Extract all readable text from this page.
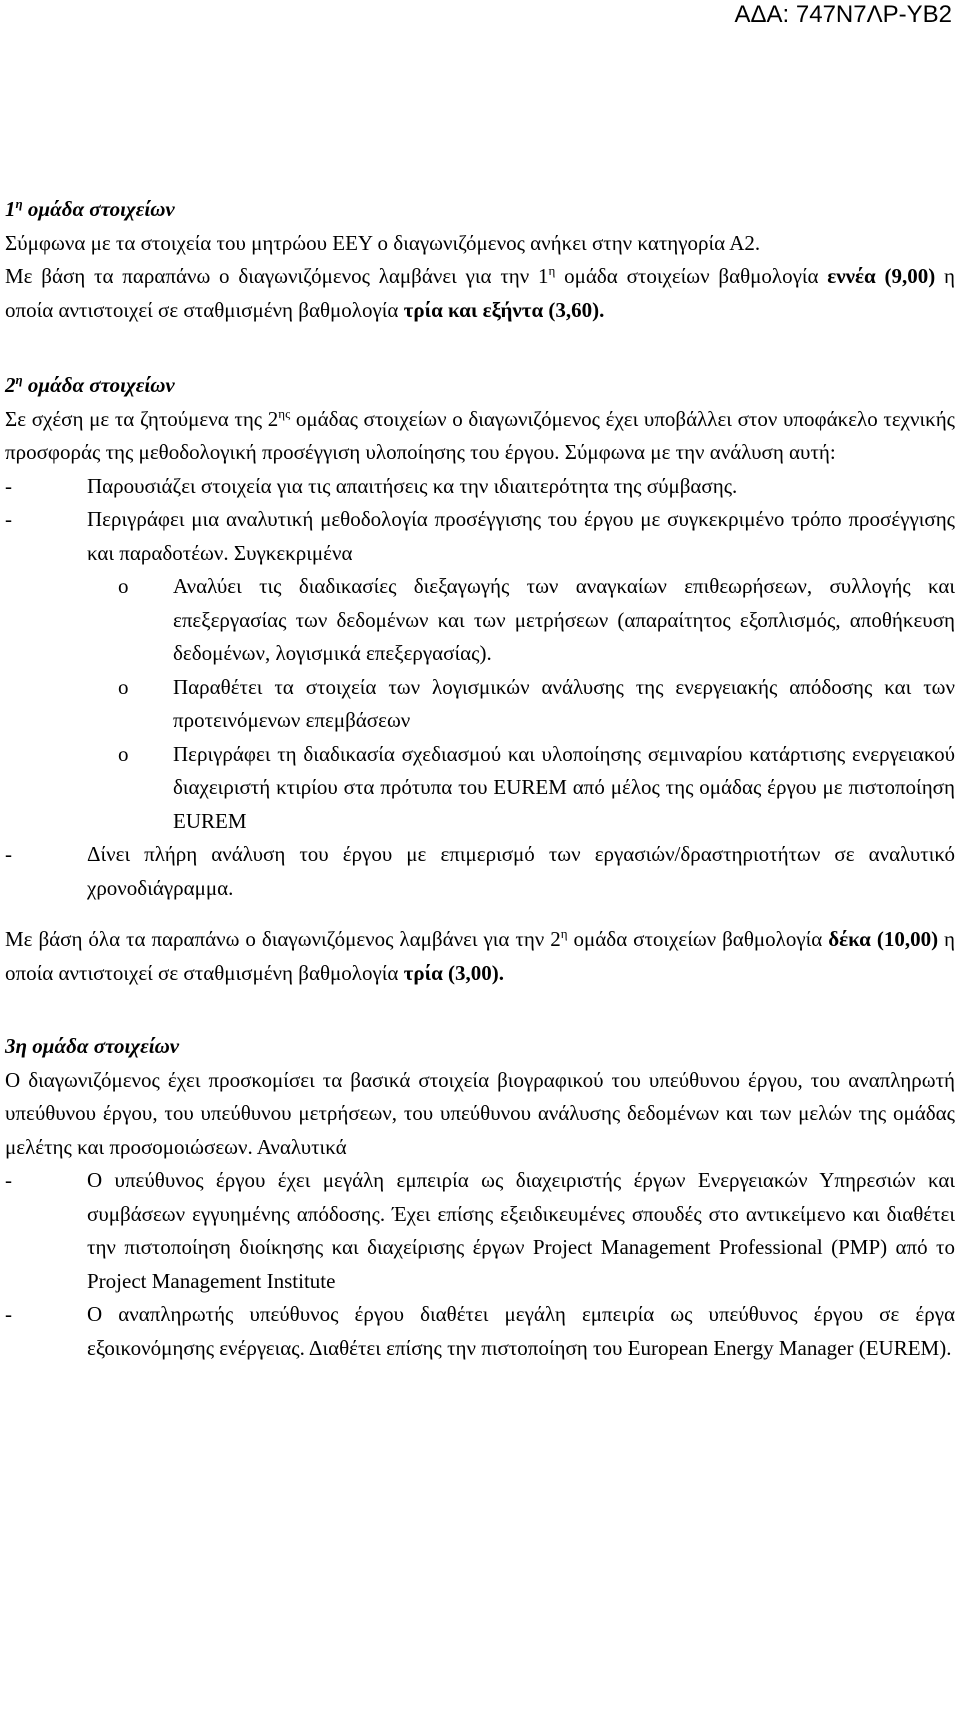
ΑΔΑ: 747Ν7ΛΡ-ΥΒ2

$1^\eta$ ομάδα στοιχείων

Σύμφωνα με τα στοιχεία του μητρώου ΕΕΥ ο διαγωνιζόμενος ανήκει στην κατηγορία Α2.

Με βάση τα παραπάνω ο διαγωνιζόμενος λαμβάνει για την $1^\eta$ ομάδα στοιχείων βαθμολογία εννέα (9,00) η οποία αντιστοιχεί σε σταθμισμένη βαθμολογία τρία και εξήντα (3,60).

$2^\eta$ ομάδα στοιχείων

Σε σχέση με τα ζητούμενα της $2^{\eta\varsigma}$ ομάδας στοιχείων ο διαγωνιζόμενος έχει υποβάλλει στον υποφάκελο τεχνικής προσφοράς της μεθοδολογική προσέγγιση υλοποίησης του έργου. Σύμφωνα με την ανάλυση αυτή:

-	Παρουσιάζει στοιχεία για τις απαιτήσεις κα την ιδιαιτερότητα της σύμβασης.
-	Περιγράφει μια αναλυτική μεθοδολογία προσέγγισης του έργου με συγκεκριμένο τρόπο προσέγγισης και παραδοτέων. Συγκεκριμένα
o	Αναλύει τις διαδικασίες διεξαγωγής των αναγκαίων επιθεωρήσεων, συλλογής και επεξεργασίας των δεδομένων και των μετρήσεων (απαραίτητος εξοπλισμός, αποθήκευση δεδομένων, λογισμικά επεξεργασίας).
o	Παραθέτει τα στοιχεία των λογισμικών ανάλυσης της ενεργειακής απόδοσης και των προτεινόμενων επεμβάσεων
o	Περιγράφει τη διαδικασία σχεδιασμού και υλοποίησης σεμιναρίου κατάρτισης ενεργειακού διαχειριστή κτιρίου στα πρότυπα του EUREM από μέλος της ομάδας έργου με πιστοποίηση EUREM
-	Δίνει πλήρη ανάλυση του έργου με επιμερισμό των εργασιών/δραστηριοτήτων σε αναλυτικό χρονοδιάγραμμα.

Με βάση όλα τα παραπάνω ο διαγωνιζόμενος λαμβάνει για την $2^\eta$ ομάδα στοιχείων βαθμολογία δέκα (10,00) η οποία αντιστοιχεί σε σταθμισμένη βαθμολογία τρία (3,00).

3η ομάδα στοιχείων

Ο διαγωνιζόμενος έχει προσκομίσει τα βασικά στοιχεία βιογραφικού του υπεύθυνου έργου, του αναπληρωτή υπεύθυνου έργου, του υπεύθυνου μετρήσεων, του υπεύθυνου ανάλυσης δεδομένων και των μελών της ομάδας μελέτης και προσομοιώσεων. Αναλυτικά

-	Ο υπεύθυνος έργου έχει μεγάλη εμπειρία ως διαχειριστής έργων Ενεργειακών Υπηρεσιών και συμβάσεων εγγυημένης απόδοσης. Έχει επίσης εξειδικευμένες σπουδές στο αντικείμενο και διαθέτει την πιστοποίηση διοίκησης και διαχείρισης έργων Project Management Professional (PMP) από το Project Management Institute
-	Ο αναπληρωτής υπεύθυνος έργου διαθέτει μεγάλη εμπειρία ως υπεύθυνος έργου σε έργα εξοικονόμησης ενέργειας. Διαθέτει επίσης την πιστοποίηση του European Energy Manager (EUREM).
